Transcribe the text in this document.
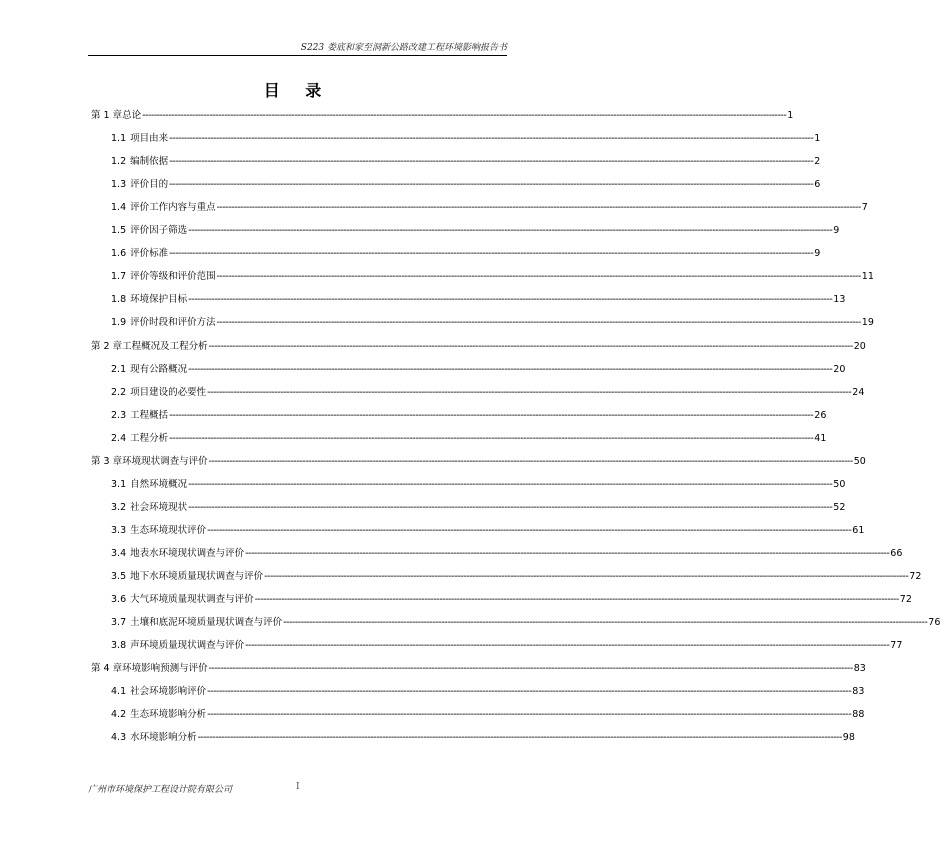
S223 娄底和家至洞新公路改建工程环境影响报告书
目 录
第 1 章 总论 ---------------------------------------------------------------------------------------------------------------------------------------------------------------------------------------------------------------------------- 1
1.1 项目由来 ---------------------------------------------------------------------------------------------------------------------------------------------------------------------------------------------------------------------------- 1
1.2 编制依据 ---------------------------------------------------------------------------------------------------------------------------------------------------------------------------------------------------------------------------- 2
1.3 评价目的 ---------------------------------------------------------------------------------------------------------------------------------------------------------------------------------------------------------------------------- 6
1.4 评价工作内容与重点 ---------------------------------------------------------------------------------------------------------------------------------------------------------------------------------------------------------------------------- 7
1.5 评价因子筛选 ---------------------------------------------------------------------------------------------------------------------------------------------------------------------------------------------------------------------------- 9
1.6 评价标准 ---------------------------------------------------------------------------------------------------------------------------------------------------------------------------------------------------------------------------- 9
1.7 评价等级和评价范围 ---------------------------------------------------------------------------------------------------------------------------------------------------------------------------------------------------------------------------- 11
1.8 环境保护目标 ---------------------------------------------------------------------------------------------------------------------------------------------------------------------------------------------------------------------------- 13
1.9 评价时段和评价方法 ---------------------------------------------------------------------------------------------------------------------------------------------------------------------------------------------------------------------------- 19
第 2 章 工程概况及工程分析 ---------------------------------------------------------------------------------------------------------------------------------------------------------------------------------------------------------------------------- 20
2.1 现有公路概况 ---------------------------------------------------------------------------------------------------------------------------------------------------------------------------------------------------------------------------- 20
2.2 项目建设的必要性 ---------------------------------------------------------------------------------------------------------------------------------------------------------------------------------------------------------------------------- 24
2.3 工程概括 ---------------------------------------------------------------------------------------------------------------------------------------------------------------------------------------------------------------------------- 26
2.4 工程分析 ---------------------------------------------------------------------------------------------------------------------------------------------------------------------------------------------------------------------------- 41
第 3 章 环境现状调查与评价 ---------------------------------------------------------------------------------------------------------------------------------------------------------------------------------------------------------------------------- 50
3.1 自然环境概况 ---------------------------------------------------------------------------------------------------------------------------------------------------------------------------------------------------------------------------- 50
3.2 社会环境现状 ---------------------------------------------------------------------------------------------------------------------------------------------------------------------------------------------------------------------------- 52
3.3 生态环境现状评价 ---------------------------------------------------------------------------------------------------------------------------------------------------------------------------------------------------------------------------- 61
3.4 地表水环境现状调查与评价 ---------------------------------------------------------------------------------------------------------------------------------------------------------------------------------------------------------------------------- 66
3.5 地下水环境质量现状调查与评价 ---------------------------------------------------------------------------------------------------------------------------------------------------------------------------------------------------------------------------- 72
3.6 大气环境质量现状调查与评价 ---------------------------------------------------------------------------------------------------------------------------------------------------------------------------------------------------------------------------- 72
3.7 土壤和底泥环境质量现状调查与评价 ---------------------------------------------------------------------------------------------------------------------------------------------------------------------------------------------------------------------------- 76
3.8 声环境质量现状调查与评价 ---------------------------------------------------------------------------------------------------------------------------------------------------------------------------------------------------------------------------- 77
第 4 章 环境影响预测与评价 ---------------------------------------------------------------------------------------------------------------------------------------------------------------------------------------------------------------------------- 83
4.1 社会环境影响评价 ---------------------------------------------------------------------------------------------------------------------------------------------------------------------------------------------------------------------------- 83
4.2 生态环境影响分析 ---------------------------------------------------------------------------------------------------------------------------------------------------------------------------------------------------------------------------- 88
4.3 水环境影响分析 ---------------------------------------------------------------------------------------------------------------------------------------------------------------------------------------------------------------------------- 98
广州市环境保护工程设计院有限公司	I
